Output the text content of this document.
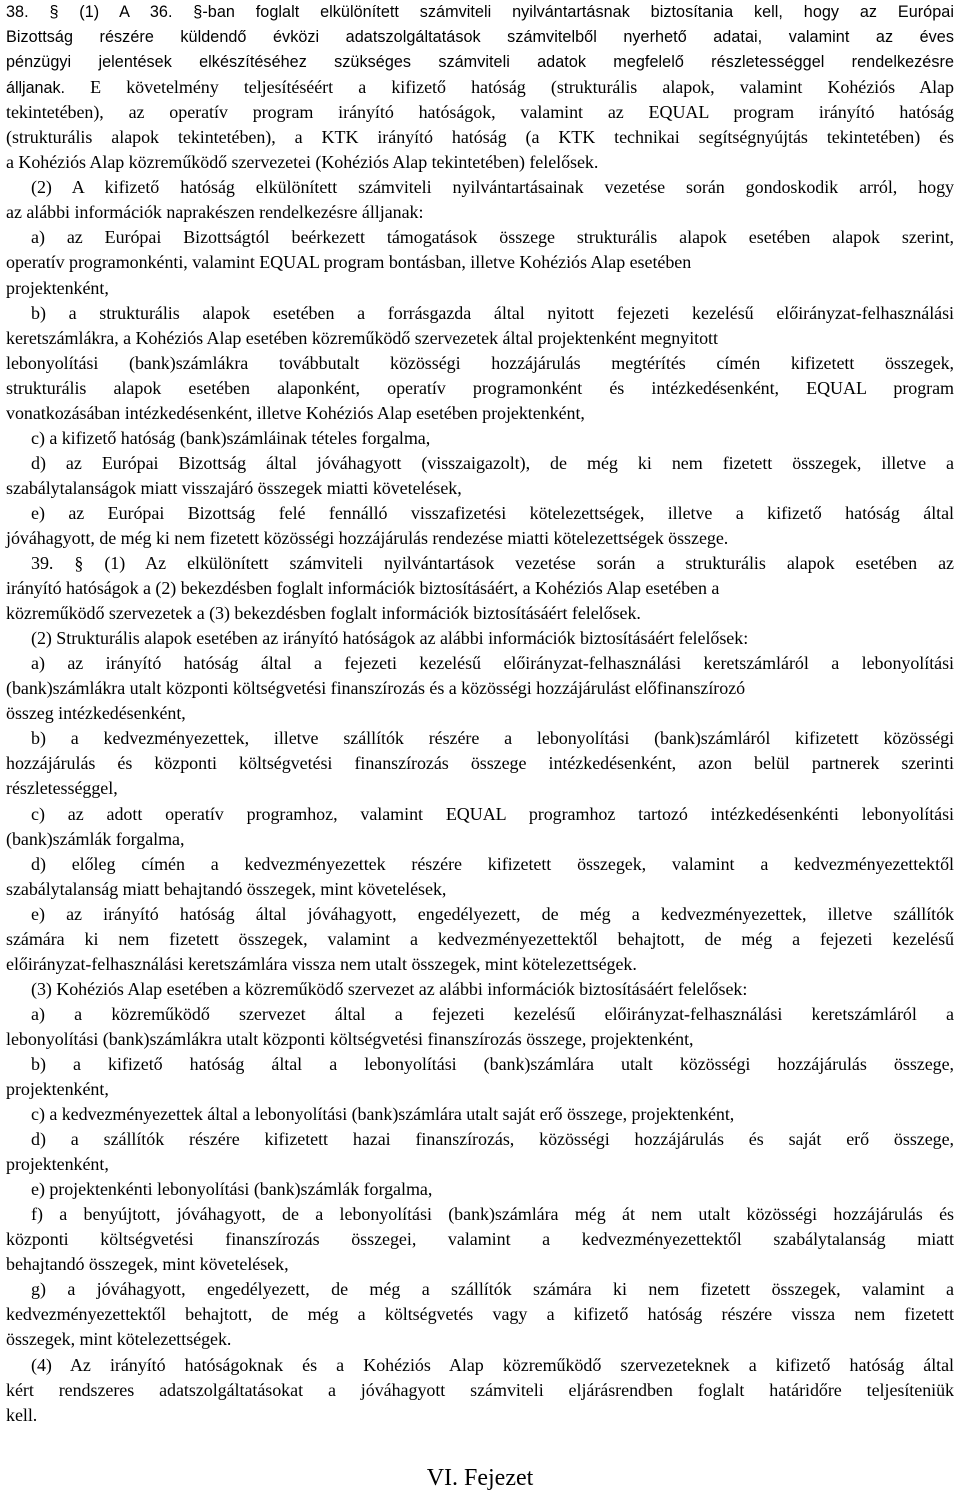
38. § (1) A 36. §-ban foglalt elkülönített számviteli nyilvántartásnak biztosítania kell, hogy az Európai

Bizottság részére küldendő évközi adatszolgáltatások számvitelből nyerhető adatai, valamint az éves

pénzügyi jelentések elkészítéséhez szükséges számviteli adatok megfelelő részletességgel rendelkezésre

álljanak. E követelmény teljesítéséért a kifizető hatóság (strukturális alapok, valamint Kohéziós Alap

tekintetében), az operatív program irányító hatóságok, valamint az EQUAL program irányító hatóság

(strukturális alapok tekintetében), a KTK irányító hatóság (a KTK technikai segítségnyújtás tekintetében) és

a Kohéziós Alap közreműködő szervezetei (Kohéziós Alap tekintetében) felelősek.

(2) A kifizető hatóság elkülönített számviteli nyilvántartásainak vezetése során gondoskodik arról, hogy

az alábbi információk naprakészen rendelkezésre álljanak:

a) az Európai Bizottságtól beérkezett támogatások összege strukturális alapok esetében alapok szerint,

operatív programonkénti, valamint EQUAL program bontásban, illetve Kohéziós Alap esetében

projektenként,

b) a strukturális alapok esetében a forrásgazda által nyitott fejezeti kezelésű előirányzat-felhasználási

keretszámlákra, a Kohéziós Alap esetében közreműködő szervezetek által projektenként megnyitott

lebonyolítási (bank)számlákra továbbutalt közösségi hozzájárulás megtérítés címén kifizetett összegek,

strukturális alapok esetében alaponként, operatív programonként és intézkedésenként, EQUAL program

vonatkozásában intézkedésenként, illetve Kohéziós Alap esetében projektenként,

c) a kifizető hatóság (bank)számláinak tételes forgalma,

d) az Európai Bizottság által jóváhagyott (visszaigazolt), de még ki nem fizetett összegek, illetve a

szabálytalanságok miatt visszajáró összegek miatti követelések,

e) az Európai Bizottság felé fennálló visszafizetési kötelezettségek, illetve a kifizető hatóság által

jóváhagyott, de még ki nem fizetett közösségi hozzájárulás rendezése miatti kötelezettségek összege.

39. § (1) Az elkülönített számviteli nyilvántartások vezetése során a strukturális alapok esetében az

irányító hatóságok a (2) bekezdésben foglalt információk biztosításáért, a Kohéziós Alap esetében a

közreműködő szervezetek a (3) bekezdésben foglalt információk biztosításáért felelősek.

(2) Strukturális alapok esetében az irányító hatóságok az alábbi információk biztosításáért felelősek:

a) az irányító hatóság által a fejezeti kezelésű előirányzat-felhasználási keretszámláról a lebonyolítási

(bank)számlákra utalt központi költségvetési finanszírozás és a közösségi hozzájárulást előfinanszírozó

összeg intézkedésenként,

b) a kedvezményezettek, illetve szállítók részére a lebonyolítási (bank)számláról kifizetett közösségi

hozzájárulás és központi költségvetési finanszírozás összege intézkedésenként, azon belül partnerek szerinti

részletességgel,

c) az adott operatív programhoz, valamint EQUAL programhoz tartozó intézkedésenkénti lebonyolítási

(bank)számlák forgalma,

d) előleg címén a kedvezményezettek részére kifizetett összegek, valamint a kedvezményezettektől

szabálytalanság miatt behajtandó összegek, mint követelések,

e) az irányító hatóság által jóváhagyott, engedélyezett, de még a kedvezményezettek, illetve szállítók

számára ki nem fizetett összegek, valamint a kedvezményezettektől behajtott, de még a fejezeti kezelésű

előirányzat-felhasználási keretszámlára vissza nem utalt összegek, mint kötelezettségek.

(3) Kohéziós Alap esetében a közreműködő szervezet az alábbi információk biztosításáért felelősek:

a) a közreműködő szervezet által a fejezeti kezelésű előirányzat-felhasználási keretszámláról a

lebonyolítási (bank)számlákra utalt központi költségvetési finanszírozás összege, projektenként,

b) a kifizető hatóság által a lebonyolítási (bank)számlára utalt közösségi hozzájárulás összege,

projektenként,

c) a kedvezményezettek által a lebonyolítási (bank)számlára utalt saját erő összege, projektenként,

d) a szállítók részére kifizetett hazai finanszírozás, közösségi hozzájárulás és saját erő összege,

projektenként,

e) projektenkénti lebonyolítási (bank)számlák forgalma,

f) a benyújtott, jóváhagyott, de a lebonyolítási (bank)számlára még át nem utalt közösségi hozzájárulás és

központi költségvetési finanszírozás összegei, valamint a kedvezményezettektől szabálytalanság miatt

behajtandó összegek, mint követelések,

g) a jóváhagyott, engedélyezett, de még a szállítók számára ki nem fizetett összegek, valamint a

kedvezményezettektől behajtott, de még a költségvetés vagy a kifizető hatóság részére vissza nem fizetett

összegek, mint kötelezettségek.

(4) Az irányító hatóságoknak és a Kohéziós Alap közreműködő szervezeteknek a kifizető hatóság által

kért rendszeres adatszolgáltatásokat a jóváhagyott számviteli eljárásrendben foglalt határidőre teljesíteniük

kell.

VI. Fejezet
